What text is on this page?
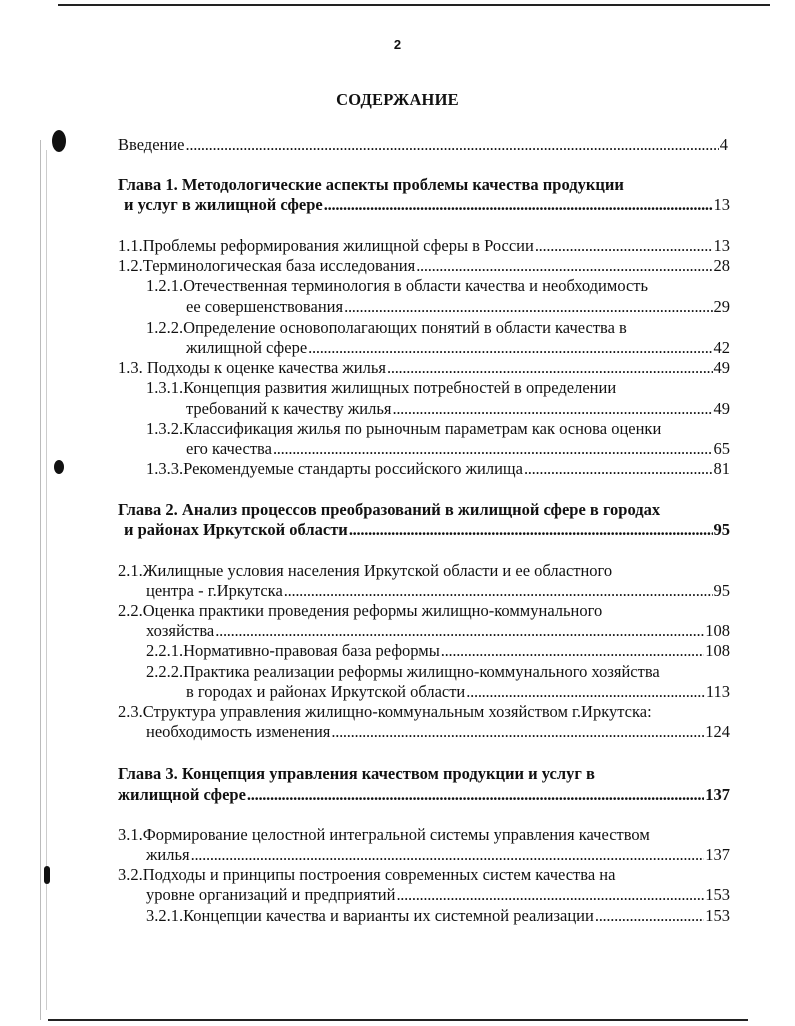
2
СОДЕРЖАНИЕ
Введение . . .	4
Глава 1. Методологические аспекты проблемы качества продукции
и услуг в жилищной сфере . . .	13
1.1.Проблемы реформирования жилищной сферы в России . . .	13
1.2.Терминологическая база исследования . . .	28
1.2.1.Отечественная терминология в области качества и необходимость
ее совершенствования . . .	29
1.2.2.Определение основополагающих понятий в области качества в
жилищной сфере . . .	42
1.3. Подходы к оценке качества жилья . . .	49
1.3.1.Концепция развития жилищных потребностей в определении
требований к качеству жилья . . .	49
1.3.2.Классификация жилья по рыночным параметрам как основа оценки
его качества . . .	65
1.3.3.Рекомендуемые стандарты российского жилища . . .	81
Глава 2. Анализ процессов преобразований в жилищной сфере в городах
и районах Иркутской области . . .	95
2.1.Жилищные условия населения Иркутской области и ее областного
центра - г.Иркутска . . .	95
2.2.Оценка практики проведения реформы жилищно-коммунального
хозяйства . . .	108
2.2.1.Нормативно-правовая база реформы . . .	108
2.2.2.Практика реализации реформы жилищно-коммунального хозяйства
в городах и районах Иркутской области . . .	113
2.3.Структура управления жилищно-коммунальным хозяйством г.Иркутска:
необходимость изменения . . .	124
Глава 3. Концепция управления качеством продукции и услуг в
жилищной сфере . . .	137
3.1.Формирование целостной интегральной системы управления качеством
жилья . . .	137
3.2.Подходы и принципы построения современных систем качества на
уровне организаций и предприятий . . .	153
3.2.1.Концепции качества и варианты их системной реализации . . .	153
